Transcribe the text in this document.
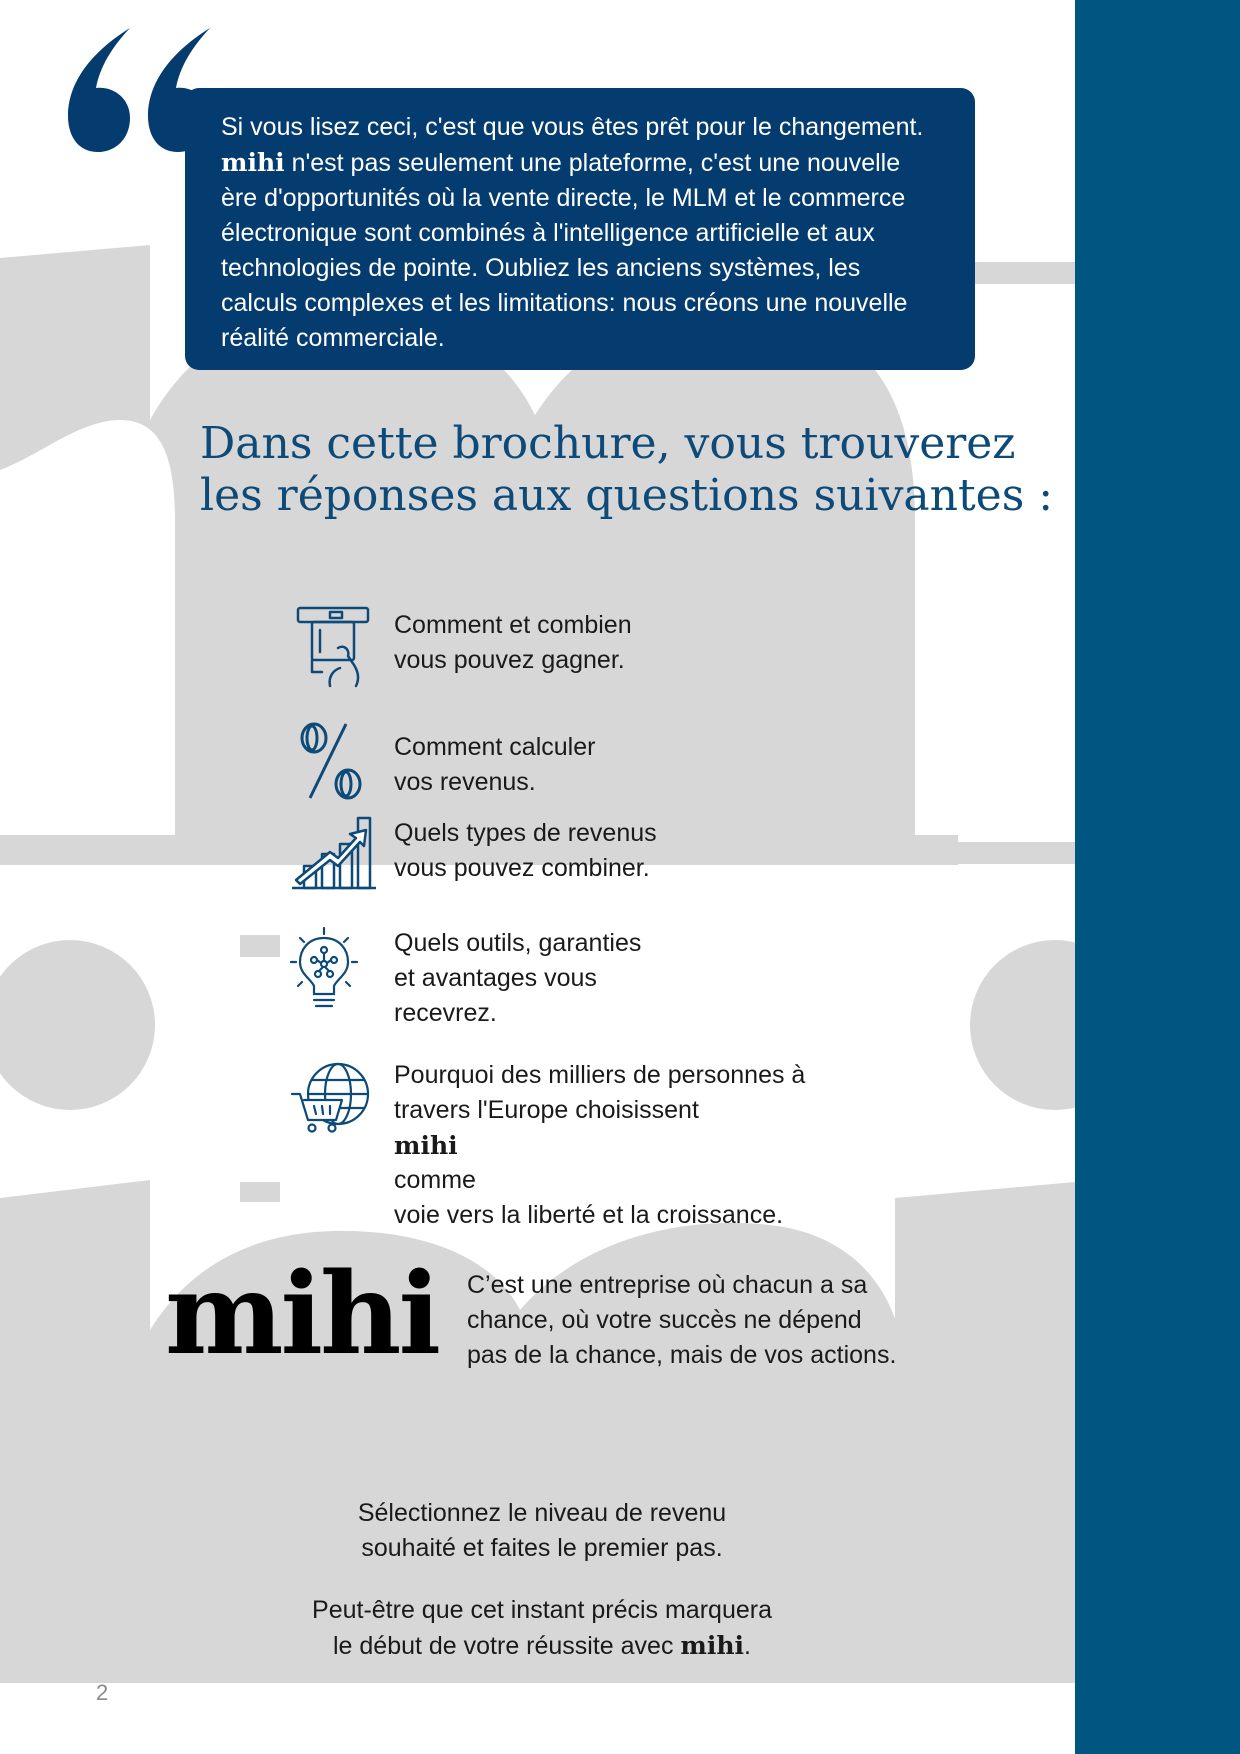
Si vous lisez ceci, c'est que vous êtes prêt pour le changement.
mihi n'est pas seulement une plateforme, c'est une nouvelle
ère d'opportunités où la vente directe, le MLM et le commerce
électronique sont combinés à l'intelligence artificielle et aux
technologies de pointe. Oubliez les anciens systèmes, les
calculs complexes et les limitations: nous créons une nouvelle
réalité commerciale.

Dans cette brochure, vous trouverez
les réponses aux questions suivantes :
Comment et combien
vous pouvez gagner.
Comment calculer
vos revenus.
Quels types de revenus
vous pouvez combiner.
Quels outils, garanties
et avantages vous
recevrez.
Pourquoi des milliers de personnes à
travers l'Europe choisissent
mihi
comme
voie vers la liberté et la croissance.
mihi	C’est une entreprise où chacun a sa
chance, où votre succès ne dépend
pas de la chance, mais de vos actions.

Sélectionnez le niveau de revenu
souhaité et faites le premier pas.

Peut-être que cet instant précis marquera
le début de votre réussite avec mihi.

2
